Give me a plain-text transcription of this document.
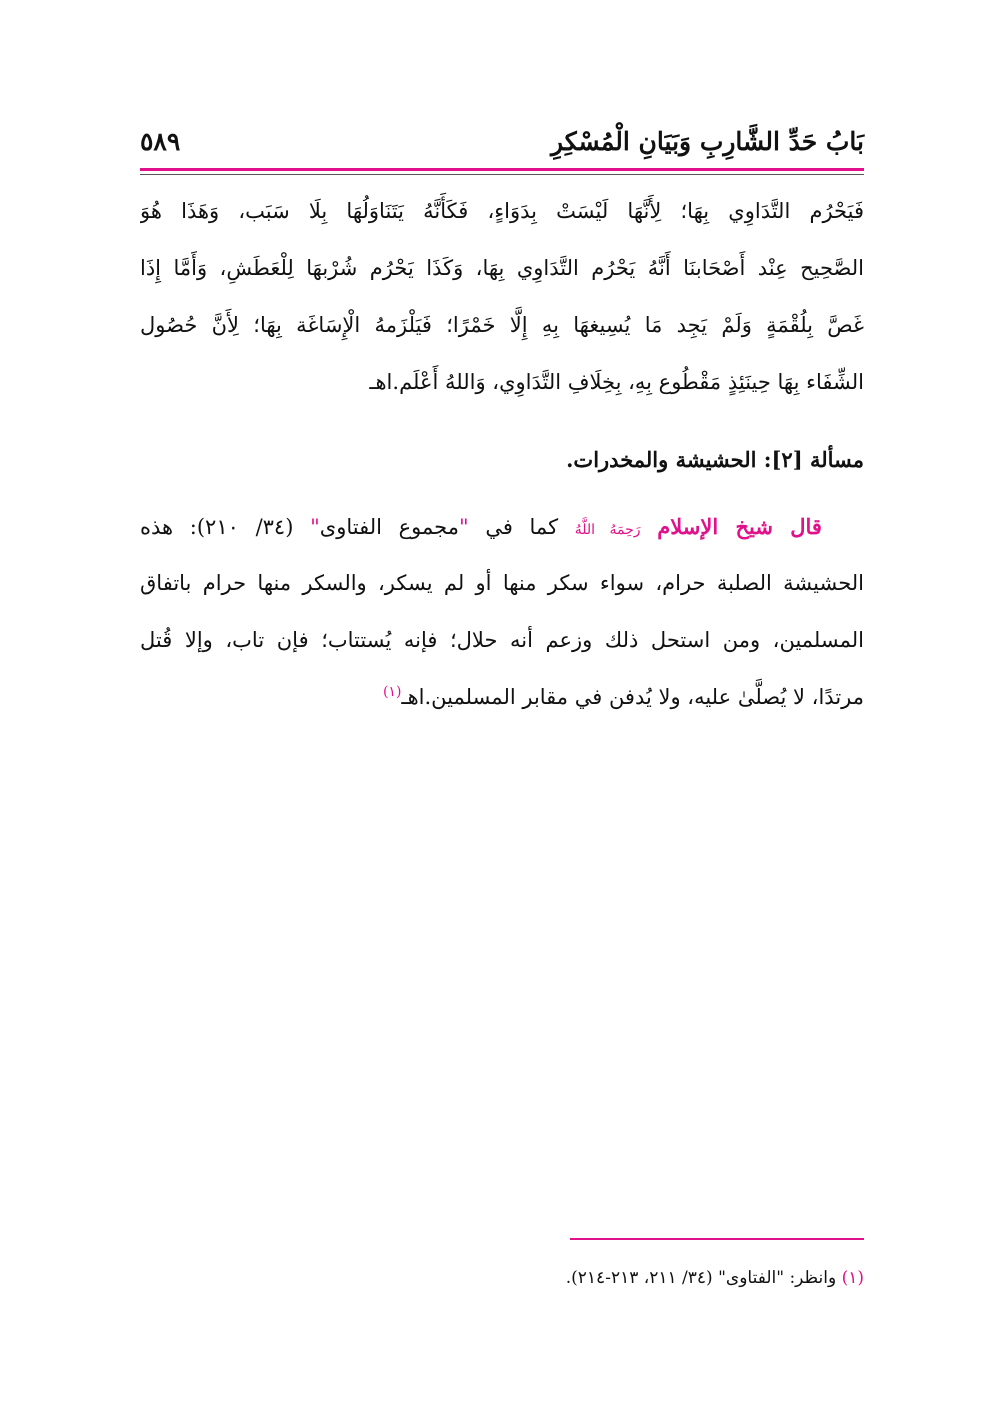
بَابُ حَدِّ الشَّارِبِ وَبَيَانِ الْمُسْكِرِ
٥٨٩
فَيَحْرُم التَّدَاوِي بِهَا؛ لِأَنَّهَا لَيْسَتْ بِدَوَاءٍ، فَكَأَنَّهُ يَتَنَاوَلُهَا بِلَا سَبَب، وَهَذَا هُوَ
الصَّحِيح عِنْد أَصْحَابنَا أَنَّهُ يَحْرُم التَّدَاوِي بِهَا، وَكَذَا يَحْرُم شُرْبهَا لِلْعَطَشِ، وَأَمَّا إِذَا
غَصَّ بِلُقْمَةٍ وَلَمْ يَجِد مَا يُسِيغهَا بِهِ إِلَّا خَمْرًا؛ فَيَلْزَمهُ الْإِسَاغَة بِهَا؛ لِأَنَّ حُصُول
الشِّفَاء بِهَا حِينَئِذٍ مَقْطُوع بِهِ، بِخِلَافِ التَّدَاوِي، وَاللهُ أَعْلَم.اهـ
مسألة [٢]: الحشيشة والمخدرات.
قال شيخ الإسلام رَحِمَهُ اللَّهُ كما في "مجموع الفتاوى" (٣٤/ ٢١٠): هذه
الحشيشة الصلبة حرام، سواء سكر منها أو لم يسكر، والسكر منها حرام باتفاق
المسلمين، ومن استحل ذلك وزعم أنه حلال؛ فإنه يُستتاب؛ فإن تاب، وإلا قُتل
مرتدًا، لا يُصلَّىٰ عليه، ولا يُدفن في مقابر المسلمين.اهـ$^{(١)}$
(١) وانظر: "الفتاوى" (٣٤/ ٢١١، ٢١٣-٢١٤).
